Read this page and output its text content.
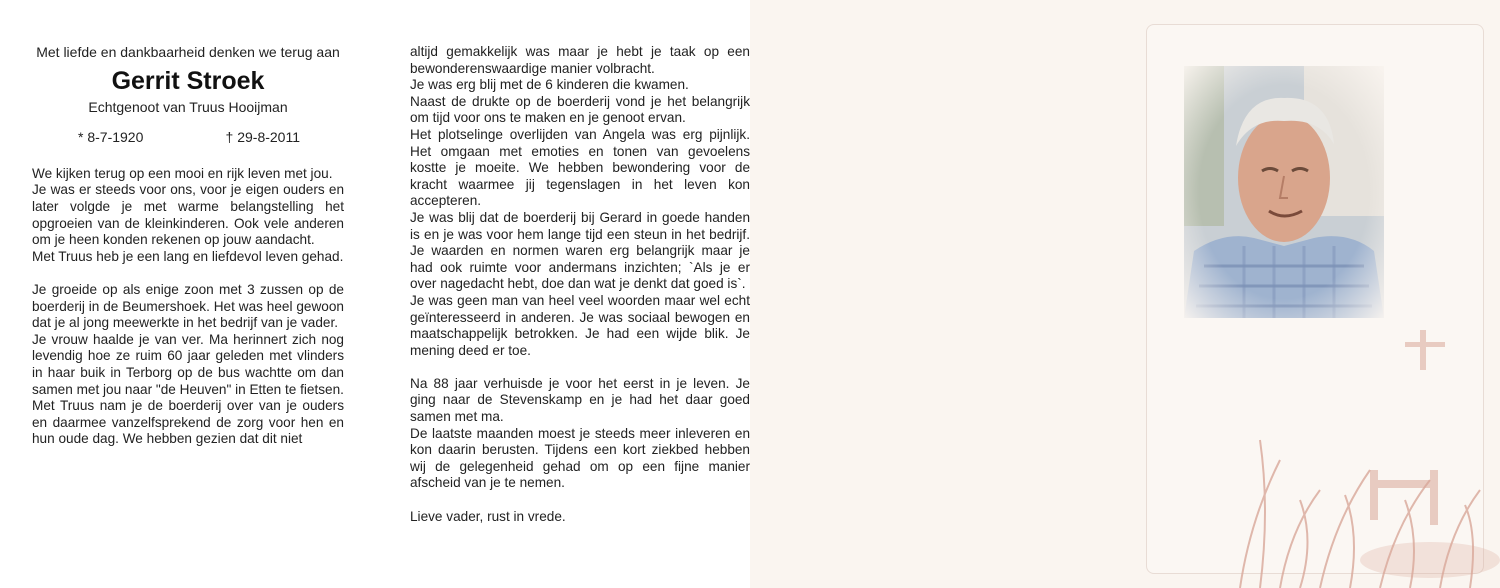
Met liefde en dankbaarheid denken we terug aan

Gerrit Stroek

Echtgenoot van Truus Hooijman

* 8-7-1920	† 29-8-2011

We kijken terug op een mooi en rijk leven met jou.

Je was er steeds voor ons, voor je eigen ouders en later volgde je met warme belangstelling het opgroeien van de kleinkinderen. Ook vele anderen om je heen konden rekenen op jouw aandacht.

Met Truus heb je een lang en liefdevol leven gehad.

Je groeide op als enige zoon met 3 zussen op de boerderij in de Beumershoek. Het was heel gewoon dat je al jong meewerkte in het bedrijf van je vader.

Je vrouw haalde je van ver. Ma herinnert zich nog levendig hoe ze ruim 60 jaar geleden met vlinders in haar buik in Terborg op de bus wachtte om dan samen met jou naar "de Heuven" in Etten te fietsen.

Met Truus nam je de boerderij over van je ouders en daarmee vanzelfsprekend de zorg voor hen en hun oude dag. We hebben gezien dat dit niet

altijd gemakkelijk was maar je hebt je taak op een bewonderenswaardige manier volbracht.

Je was erg blij met de 6 kinderen die kwamen.

Naast de drukte op de boerderij vond je het belangrijk om tijd voor ons te maken en je genoot ervan.

Het plotselinge overlijden van Angela was erg pijnlijk. Het omgaan met emoties en tonen van gevoelens kostte je moeite. We hebben bewondering voor de kracht waarmee jij tegenslagen in het leven kon accepteren.

Je was blij dat de boerderij bij Gerard in goede handen is en je was voor hem lange tijd een steun in het bedrijf. Je waarden en normen waren erg belangrijk maar je had ook ruimte voor andermans inzichten; `Als je er over nagedacht hebt, doe dan wat je denkt dat goed is`.

Je was geen man van heel veel woorden maar wel echt geïnteresseerd in anderen. Je was sociaal bewogen en maatschappelijk betrokken. Je had een wijde blik. Je mening deed er toe.

Na 88 jaar verhuisde je voor het eerst in je leven. Je ging naar de Stevenskamp en je had het daar goed samen met ma.

De laatste maanden moest je steeds meer inleveren en kon daarin berusten. Tijdens een kort ziekbed hebben wij de gelegenheid gehad om op een fijne manier afscheid van je te nemen.

Lieve vader, rust in vrede.
